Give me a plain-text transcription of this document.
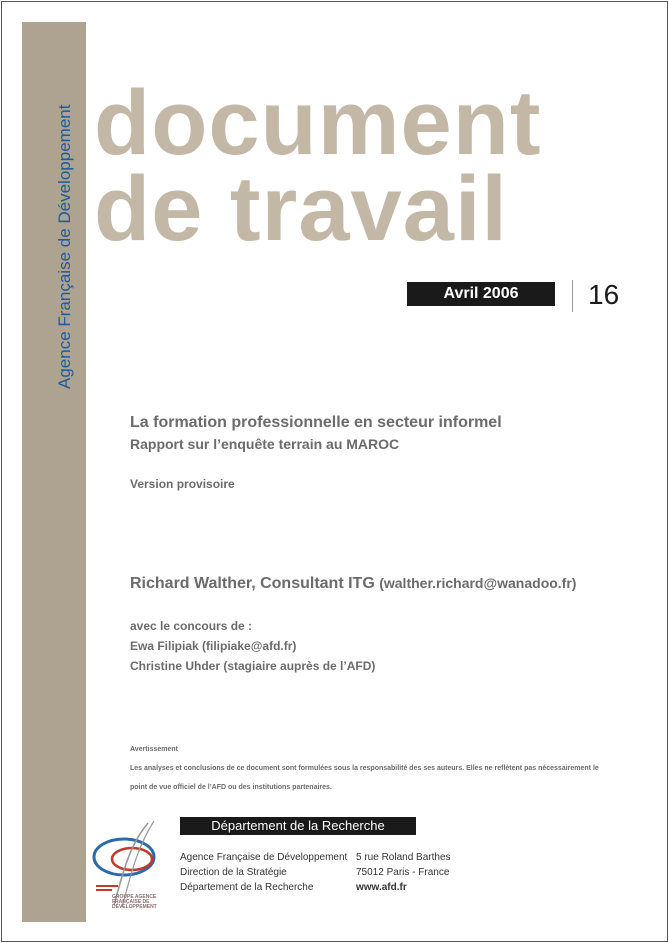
Agence Française de Développement document
de travail
Avril 2006	16
La formation professionnelle en secteur informel
Rapport sur l’enquête terrain au MAROC
Version provisoire
Richard Walther, Consultant ITG (walther.richard@wanadoo.fr)
avec le concours de :
Ewa Filipiak (filipiake@afd.fr)
Christine Uhder (stagiaire auprès de l’AFD)
Avertissement
Les analyses et conclusions de ce document sont formulées sous la responsabilité des ses auteurs. Elles ne reflètent pas nécessairement le point de vue officiel de l’AFD ou des institutions partenaires.
Département de la Recherche
GROUPE AGENCE FRANÇAISE DE DÉVELOPPEMENT
Agence Française de Développement
Direction de la Stratégie
Département de la Recherche
5 rue Roland Barthes
75012 Paris - France
www.afd.fr
